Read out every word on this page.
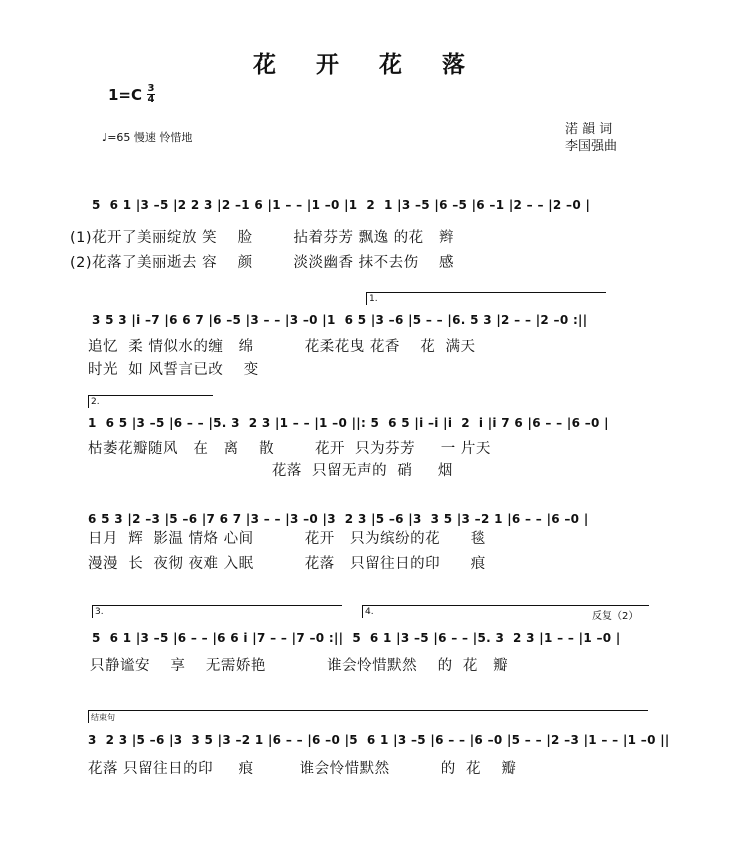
花 开 花 落
1=C 3
4
♩=65 慢速 怜惜地
渃 韻 词
李国强曲
5  6 1 |3 –5 |2 2 3 |2 –1 6 |1 – – |1 –0 |1  2  1 |3 –5 |6 –5 |6 –1 |2 – – |2 –0 |
(1)花开了美丽绽放 笑    脸        拈着芬芳 飘逸 的花   辫
(2)花落了美丽逝去 容    颜        淡淡幽香 抹不去伤    感
1.
3 5 3 |i –7 |6 6 7 |6 –5 |3 – – |3 –0 |1  6 5 |3 –6 |5 – – |6. 5 3 |2 – – |2 –0 :||
追忆  柔 情似水的缠   绵          花柔花曳 花香    花  满天
时光  如 风誓言已改    变
2.
1  6 5 |3 –5 |6 – – |5. 3  2 3 |1 – – |1 –0 ||: 5  6 5 |i –i |i  2  i |i 7 6 |6 – – |6 –0 |
枯萎花瓣随风   在   离    散        花开  只为芬芳     一 片天
花落  只留无声的  硝     烟
6 5 3 |2 –3 |5 –6 |7 6 7 |3 – – |3 –0 |3  2 3 |5 –6 |3  3 5 |3 –2 1 |6 – – |6 –0 |
日月  辉  影温 情烙 心间          花开   只为缤纷的花      毯
漫漫  长  夜彻 夜难 入眠          花落   只留往日的印      痕
3.	4.	反复（2）
5  6 1 |3 –5 |6 – – |6 6 i |7 – – |7 –0 :||  5  6 1 |3 –5 |6 – – |5. 3  2 3 |1 – – |1 –0 |
只静谧安    享    无需娇艳            谁会怜惜默然    的  花   瓣
结束句
3  2 3 |5 –6 |3  3 5 |3 –2 1 |6 – – |6 –0 |5  6 1 |3 –5 |6 – – |6 –0 |5 – – |2 –3 |1 – – |1 –0 ||
花落 只留往日的印     痕         谁会怜惜默然          的  花    瓣
